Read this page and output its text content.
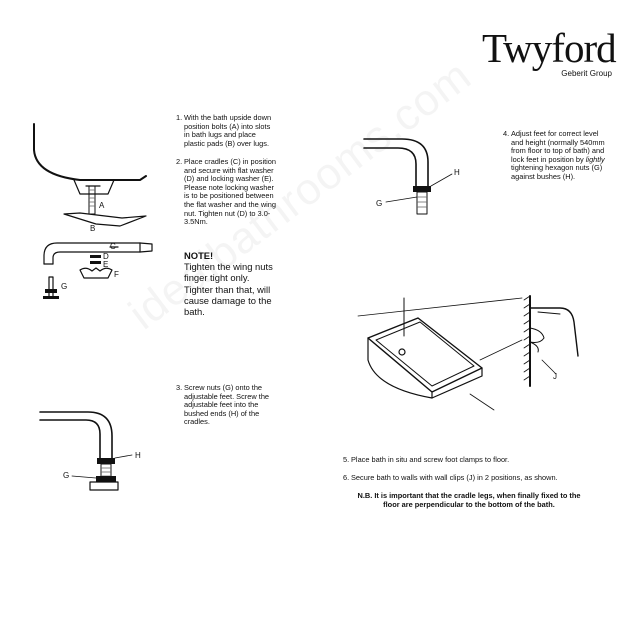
Twyford
Geberit Group
1. With the bath upside down
position bolts (A) into slots
in bath lugs and place
plastic pads (B) over lugs.
2. Place cradles (C) in position
and secure with flat washer
(D) and locking washer (E).
Please note locking washer
is to be positioned between
the flat washer and the wing
nut. Tighten nut (D) to 3.0-
3.5Nm.
NOTE!
Tighten the wing nuts
finger tight only.
Tighter than that, will
cause damage to the
bath.
3. Screw nuts (G) onto the
adjustable feet. Screw the
adjustable feet into the
bushed ends (H) of the
cradles.
4. Adjust feet for correct level
and height (normally 540mm
from floor to top of bath) and
lock feet in position by lightly
tightening hexagon nuts (G)
against bushes (H).
5. Place bath in situ and screw foot clamps to floor.
6. Secure bath to walls with wall clips (J) in 2 positions, as shown.
N.B. It is important that the cradle legs, when finally fixed to the
floor are perpendicular to the bottom of the bath.
A
B
C
D
E
F
G
H
G
H
G
J
